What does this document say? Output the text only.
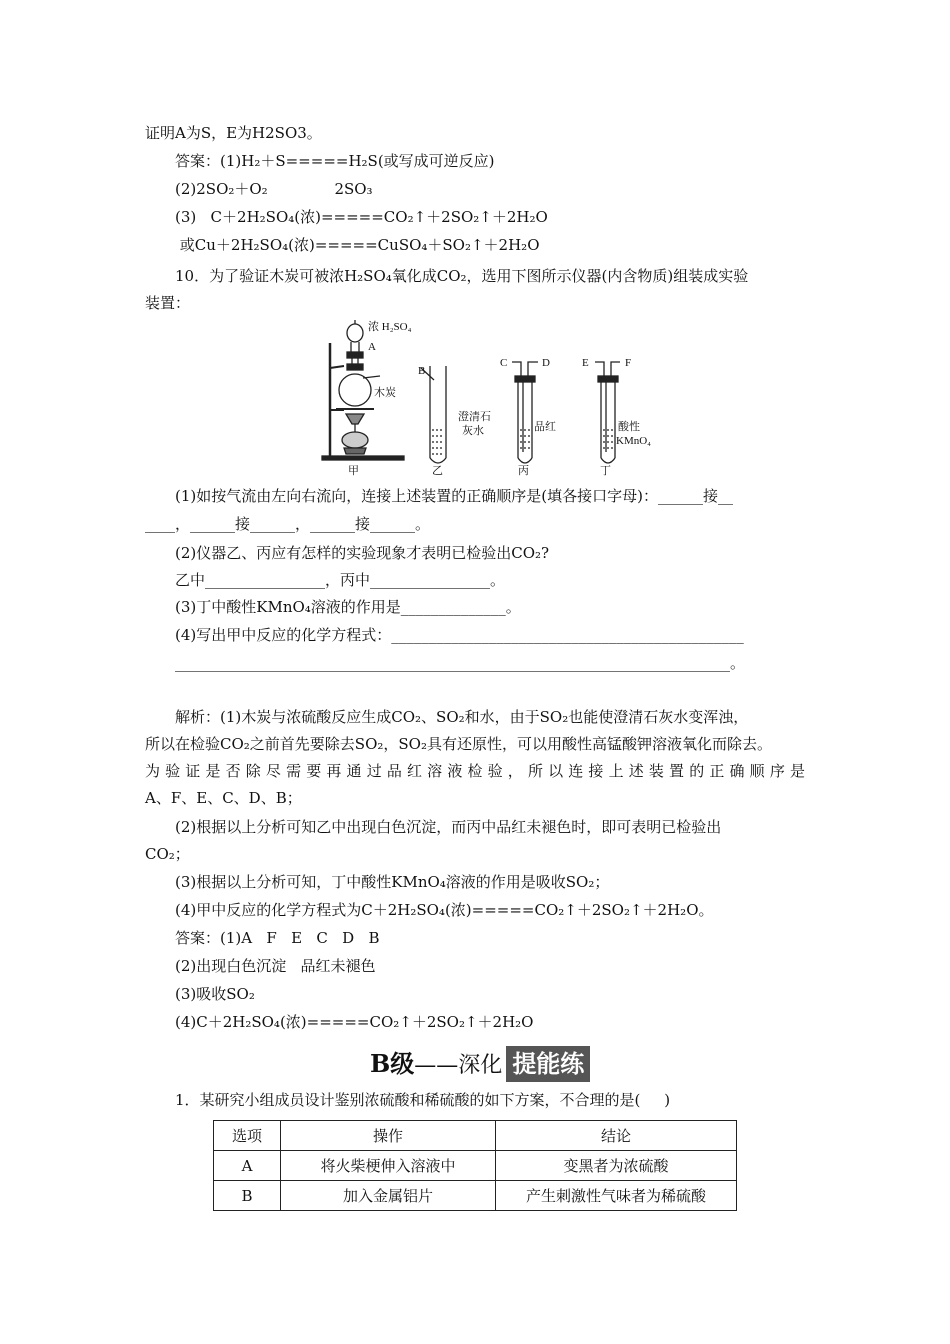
证明A为S，E为H2SO3。
答案：(1)H₂＋S=====H₂S(或写成可逆反应)
(2)2SO₂＋O₂              2SO₃
(3)   C＋2H₂SO₄(浓)=====CO₂↑＋2SO₂↑＋2H₂O
或Cu＋2H₂SO₄(浓)=====CuSO₄＋SO₂↑＋2H₂O
10．为了验证木炭可被浓H₂SO₄氧化成CO₂，选用下图所示仪器(内含物质)组装成实验
装置：
浓 H₂SO₄
A
木炭
甲
B
澄清石
灰水
乙
C	D
品红
丙
E	F
酸性
KMnO₄
丁
(1)如按气流由左向右流向，连接上述装置的正确顺序是(填各接口字母)：______接__
____，______接______，______接______。
(2)仪器乙、丙应有怎样的实验现象才表明已检验出CO₂?
乙中________________，丙中________________。
(3)丁中酸性KMnO₄溶液的作用是______________。
(4)写出甲中反应的化学方程式：_______________________________________________
__________________________________________________________________________。
解析：(1)木炭与浓硫酸反应生成CO₂、SO₂和水，由于SO₂也能使澄清石灰水变浑浊，
所以在检验CO₂之前首先要除去SO₂，SO₂具有还原性，可以用酸性高锰酸钾溶液氧化而除去。
为验证是否除尽需要再通过品红溶液检验，所以连接上述装置的正确顺序是
A、F、E、C、D、B；
(2)根据以上分析可知乙中出现白色沉淀，而丙中品红未褪色时，即可表明已检验出
CO₂；
(3)根据以上分析可知，丁中酸性KMnO₄溶液的作用是吸收SO₂；
(4)甲中反应的化学方程式为C＋2H₂SO₄(浓)=====CO₂↑＋2SO₂↑＋2H₂O。
答案：(1)A   F   E   C   D   B
(2)出现白色沉淀   品红未褪色
(3)吸收SO₂
(4)C＋2H₂SO₄(浓)=====CO₂↑＋2SO₂↑＋2H₂O
B级——深化 提能练
1．某研究小组成员设计鉴别浓硫酸和稀硫酸的如下方案，不合理的是(     )
选项	操作	结论
A	将火柴梗伸入溶液中	变黑者为浓硫酸
B	加入金属铝片	产生刺激性气味者为稀硫酸
